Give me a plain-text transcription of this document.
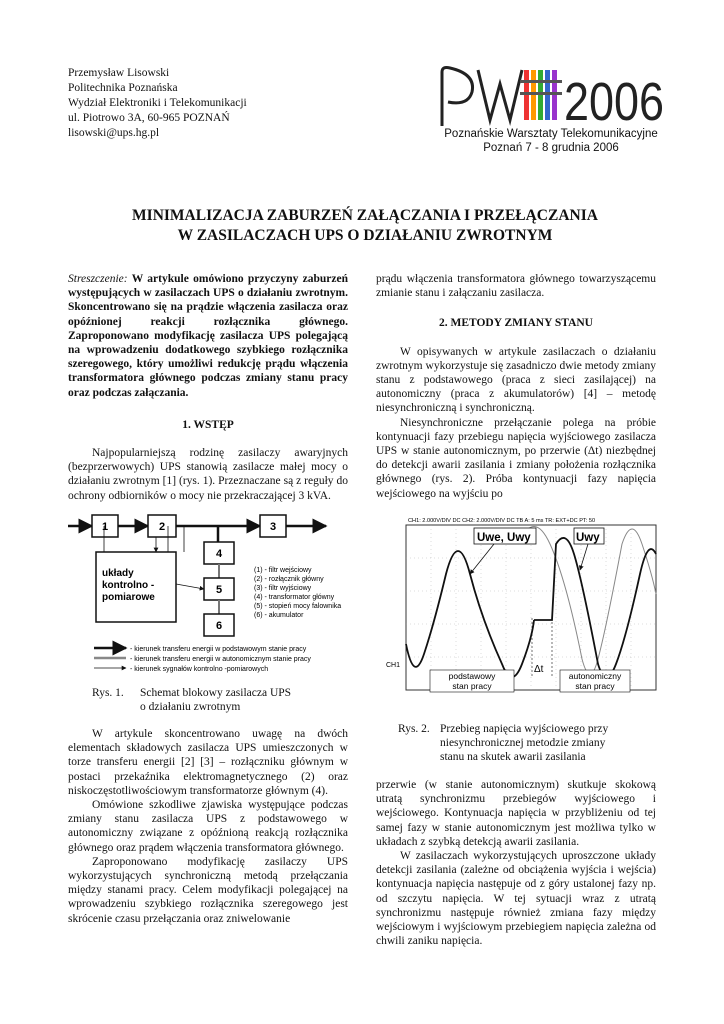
Przemysław Lisowski
Politechnika Poznańska
Wydział Elektroniki i Telekomunikacji
ul. Piotrowo 3A, 60-965 POZNAŃ
lisowski@ups.hg.pl
2006
Poznańskie Warsztaty Telekomunikacyjne
Poznań 7 - 8 grudnia 2006
MINIMALIZACJA ZABURZEŃ ZAŁĄCZANIA I PRZEŁĄCZANIA
W ZASILACZACH UPS O DZIAŁANIU ZWROTNYM

Streszczenie: W artykule omówiono przyczyny zaburzeń występujących w zasilaczach UPS o działaniu zwrotnym. Skoncentrowano się na prądzie włączenia zasilacza oraz opóźnionej reakcji rozłącznika głównego. Zaproponowano modyfikację zasilacza UPS polegającą na wprowadzeniu dodatkowego szybkiego rozłącznika szeregowego, który umożliwi redukcję prądu włączenia transformatora głównego podczas zmiany stanu pracy oraz podczas załączania.

1. WSTĘP

Najpopularniejszą rodzinę zasilaczy awaryjnych (bezprzerwowych) UPS stanowią zasilacze małej mocy o działaniu zwrotnym [1] (rys. 1). Przeznaczane są z reguły do ochrony odbiorników o mocy nie przekraczającej 3 kVA.

1	2	3
4
5
6
układy
kontrolno -
pomiarowe
(1) - filtr wejściowy
(2) - rozłącznik główny
(3) - filtr wyjściowy
(4) - transformator główny
(5) - stopień mocy falownika
(6) - akumulator
- kierunek transferu energii w podstawowym stanie pracy
- kierunek transferu energii w autonomicznym stanie pracy
- kierunek sygnałów kontrolno -pomiarowych
Rys. 1. Schemat blokowy zasilacza UPS
o działaniu zwrotnym

W artykule skoncentrowano uwagę na dwóch elementach składowych zasilacza UPS umieszczonych w torze transferu energii [2] [3] – rozłączniku głównym w postaci przekaźnika elektromagnetycznego (2) oraz niskoczęstotliwościowym transformatorze głównym (4).

Omówione szkodliwe zjawiska występujące podczas zmiany stanu zasilacza UPS z podstawowego w autonomiczny związane z opóźnioną reakcją rozłącznika głównego oraz prądem włączenia transformatora głównego.

Zaproponowano modyfikację zasilaczy UPS wykorzystujących synchroniczną metodą przełączania między stanami pracy. Celem modyfikacji polegającej na wprowadzeniu szybkiego rozłącznika szeregowego jest skrócenie czasu przełączania oraz zniwelowanie

prądu włączenia transformatora głównego towarzyszącemu zmianie stanu i załączaniu zasilacza.

2. METODY ZMIANY STANU

W opisywanych w artykule zasilaczach o działaniu zwrotnym wykorzystuje się zasadniczo dwie metody zmiany stanu z podstawowego (praca z sieci zasilającej) na autonomiczny (praca z akumulatorów) [4] – metodę niesynchroniczną i synchroniczną.

Niesynchroniczne przełączanie polega na próbie kontynuacji fazy przebiegu napięcia wyjściowego zasilacza UPS w stanie autonomicznym, po przerwie (Δt) niezbędnej do detekcji awarii zasilania i zmiany położenia rozłącznika głównego (rys. 2). Próba kontynuacji fazy napięcia wejściowego na wyjściu po

CH1: 2.000V/DIV DC CH2: 2.000V/DIV DC TB A: 5 ms TR: EXT+DC PT: 50
CH1
Uwe, Uwy	Uwy
Δt
podstawowy
stan pracy
autonomiczny
stan pracy
Rys. 2. Przebieg napięcia wyjściowego przy
niesynchronicznej metodzie zmiany
stanu na skutek awarii zasilania

przerwie (w stanie autonomicznym) skutkuje skokową utratą synchronizmu przebiegów wyjściowego i wejściowego. Kontynuacja napięcia w przybliżeniu od tej samej fazy w stanie autonomicznym jest możliwa tylko w układach z szybką detekcją awarii zasilania.

W zasilaczach wykorzystujących uproszczone układy detekcji zasilania (zależne od obciążenia wyjścia i wejścia) kontynuacja napięcia następuje od z góry ustalonej fazy np. od szczytu napięcia. W tej sytuacji wraz z utratą synchronizmu następuje również zmiana fazy między wejściowym i wyjściowym przebiegiem napięcia zależna od chwili zaniku napięcia.
